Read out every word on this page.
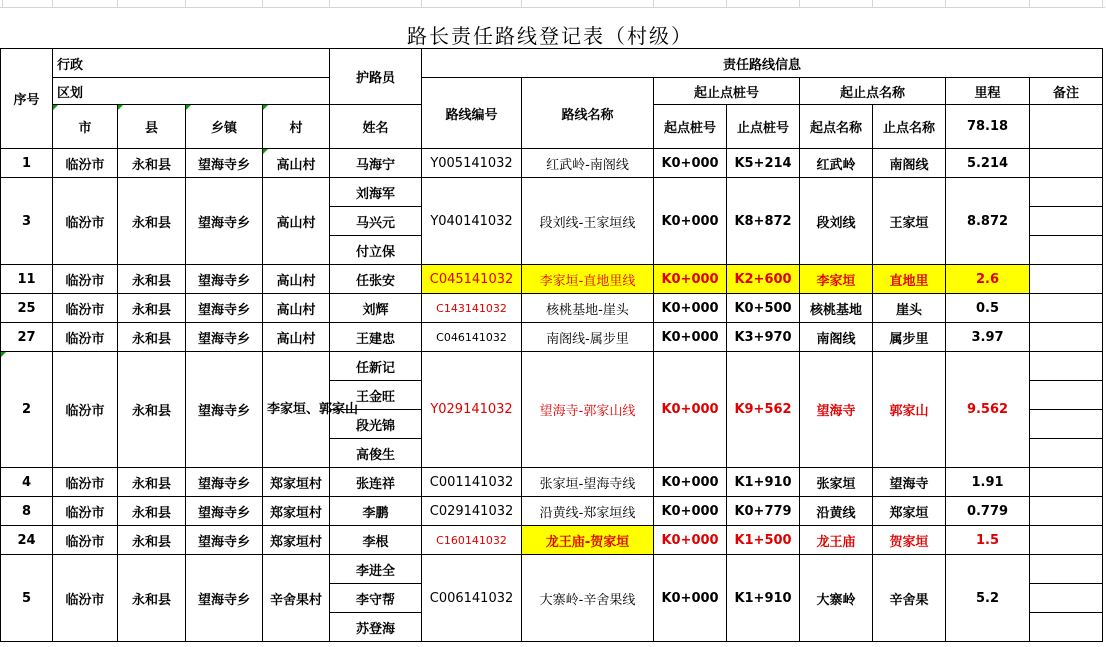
路长责任路线登记表（村级）
序号	行政				护路员	责任路线信息								
	区划					路线编号	路线名称	起止点桩号		起止点名称		里程	备注	

市	县	乡镇	村	姓名			起点桩号	止点桩号	起点名称	止点名称	78.18		

1	临汾市	永和县	望海寺乡	高山村	马海宁	Y005141032	红武岭-南阁线	K0+000	K5+214	红武岭	南阁线	5.214		
3	临汾市	永和县	望海寺乡	高山村	刘海军	Y040141032	段刘线-王家垣线	K0+000	K8+872	段刘线	王家垣	8.872		
					马兴元									
					付立保									
11	临汾市	永和县	望海寺乡	高山村	任张安	C045141032	李家垣-直地里线	K0+000	K2+600	李家垣	直地里	2.6		
25	临汾市	永和县	望海寺乡	高山村	刘辉	C143141032	核桃基地-崖头	K0+000	K0+500	核桃基地	崖头	0.5		
27	临汾市	永和县	望海寺乡	高山村	王建忠	C046141032	南阁线-属步里	K0+000	K3+970	南阁线	属步里	3.97		

2	临汾市	永和县	望海寺乡	李家垣、郭家山	任新记	Y029141032	望海寺-郭家山线	K0+000	K9+562	望海寺	郭家山	9.562		
					王金旺									
					段光锦									
					高俊生									
4	临汾市	永和县	望海寺乡	郑家垣村	张连祥	C001141032	张家垣-望海寺线	K0+000	K1+910	张家垣	望海寺	1.91		
8	临汾市	永和县	望海寺乡	郑家垣村	李鹏	C029141032	沿黄线-郑家垣线	K0+000	K0+779	沿黄线	郑家垣	0.779		
24	临汾市	永和县	望海寺乡	郑家垣村	李根	C160141032	龙王庙-贺家垣	K0+000	K1+500	龙王庙	贺家垣	1.5		
5	临汾市	永和县	望海寺乡	辛舍果村	李进全	C006141032	大寨岭-辛舍果线	K0+000	K1+910	大寨岭	辛舍果	5.2		
					李守帮									
					苏登海									
